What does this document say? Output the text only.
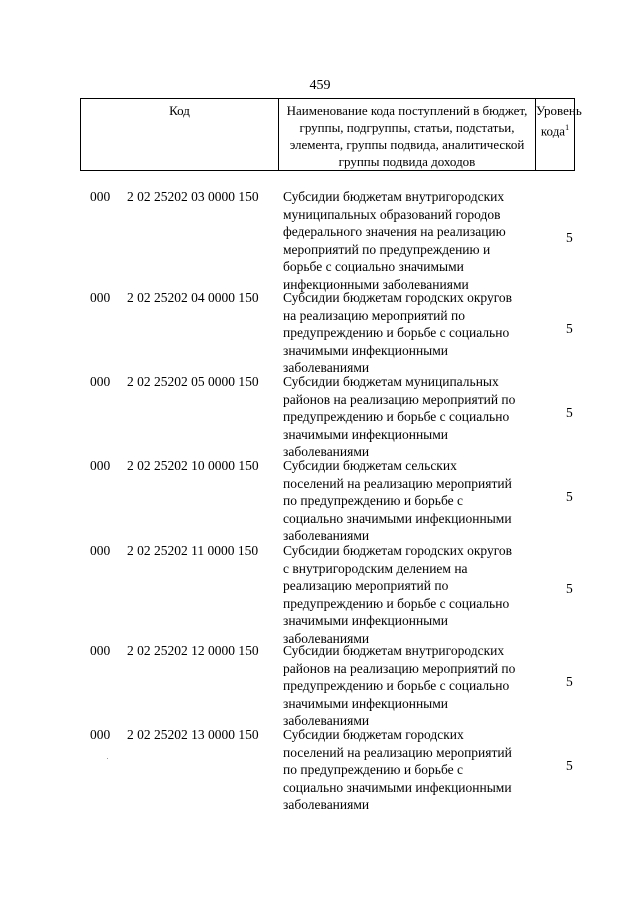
459
Код	Наименование кода поступлений в бюджет, группы, подгруппы, статьи, подстатьи, элемента, группы подвида, аналитической группы подвида доходов	Уровень кода$^1$
000 2 02 25202 03 0000 150 Субсидии бюджетам внутригородских
муниципальных образований городов
федерального значения на реализацию
мероприятий по предупреждению и
борьбе с социально значимыми
инфекционными заболеваниями
5
000 2 02 25202 04 0000 150 Субсидии бюджетам городских округов
на реализацию мероприятий по
предупреждению и борьбе с социально
значимыми инфекционными
заболеваниями
5
000 2 02 25202 05 0000 150 Субсидии бюджетам муниципальных
районов на реализацию мероприятий по
предупреждению и борьбе с социально
значимыми инфекционными
заболеваниями
5
000 2 02 25202 10 0000 150 Субсидии бюджетам сельских
поселений на реализацию мероприятий
по предупреждению и борьбе с
социально значимыми инфекционными
заболеваниями
5
000 2 02 25202 11 0000 150 Субсидии бюджетам городских округов
с внутригородским делением на
реализацию мероприятий по
предупреждению и борьбе с социально
значимыми инфекционными
заболеваниями
5
000 2 02 25202 12 0000 150 Субсидии бюджетам внутригородских
районов на реализацию мероприятий по
предупреждению и борьбе с социально
значимыми инфекционными
заболеваниями
5
000 2 02 25202 13 0000 150 Субсидии бюджетам городских
поселений на реализацию мероприятий
по предупреждению и борьбе с
социально значимыми инфекционными
заболеваниями
5
